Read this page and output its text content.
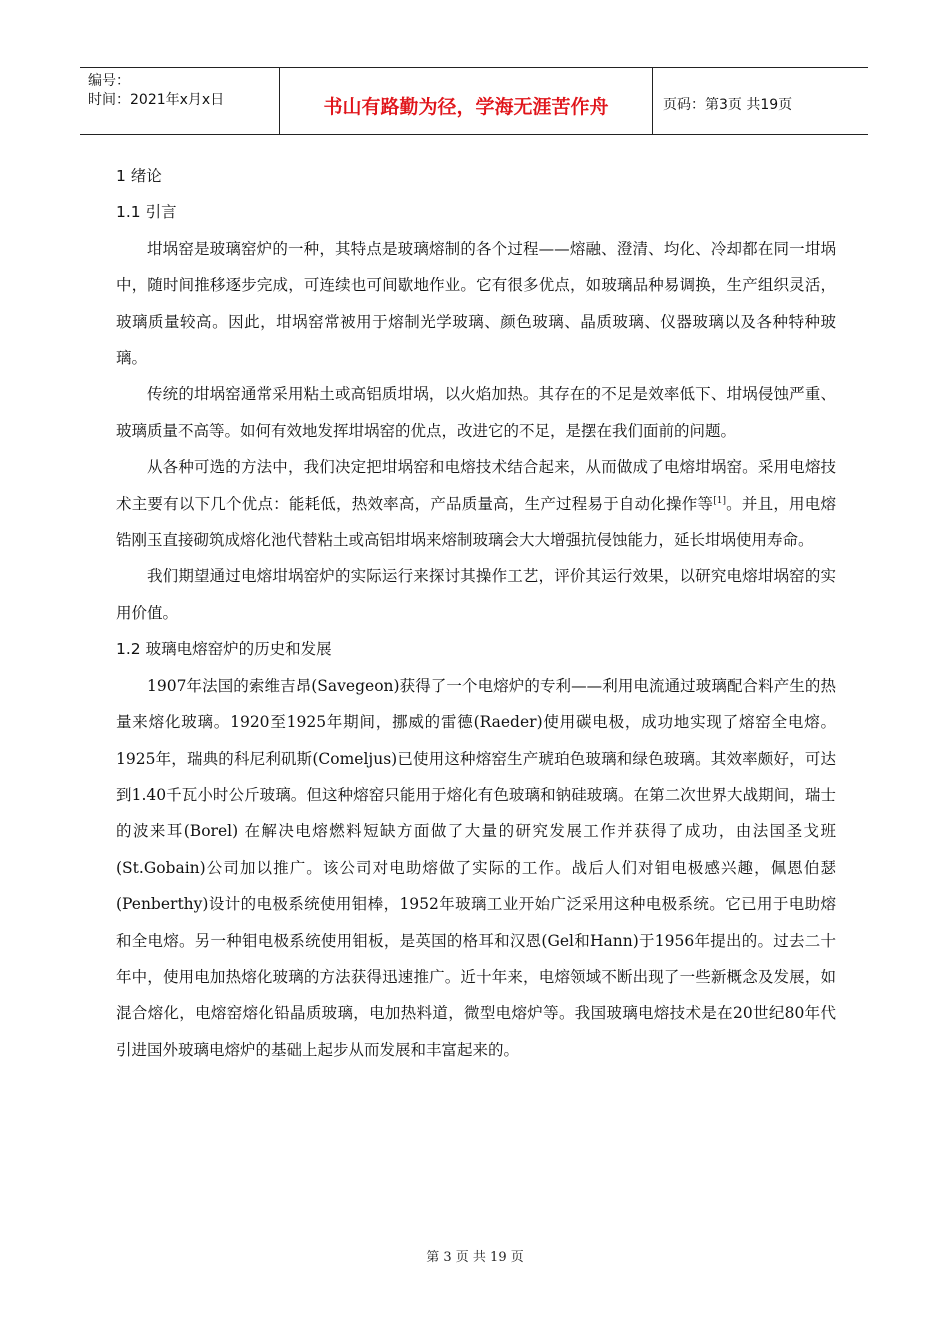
编号：
时间：2021年x月x日	书山有路勤为径，学海无涯苦作舟	页码：第3页 共19页
1 绪论
1.1 引言

坩埚窑是玻璃窑炉的一种，其特点是玻璃熔制的各个过程——熔融、澄清、均化、冷却都在同一坩埚中，随时间推移逐步完成，可连续也可间歇地作业。它有很多优点，如玻璃品种易调换，生产组织灵活，玻璃质量较高。因此，坩埚窑常被用于熔制光学玻璃、颜色玻璃、晶质玻璃、仪器玻璃以及各种特种玻璃。

传统的坩埚窑通常采用粘土或高铝质坩埚，以火焰加热。其存在的不足是效率低下、坩埚侵蚀严重、玻璃质量不高等。如何有效地发挥坩埚窑的优点，改进它的不足，是摆在我们面前的问题。

从各种可选的方法中，我们决定把坩埚窑和电熔技术结合起来，从而做成了电熔坩埚窑。采用电熔技术主要有以下几个优点：能耗低，热效率高，产品质量高，生产过程易于自动化操作等[1]。并且，用电熔锆刚玉直接砌筑成熔化池代替粘土或高铝坩埚来熔制玻璃会大大增强抗侵蚀能力，延长坩埚使用寿命。

我们期望通过电熔坩埚窑炉的实际运行来探讨其操作工艺，评价其运行效果，以研究电熔坩埚窑的实用价值。

1.2 玻璃电熔窑炉的历史和发展

1907年法国的索维吉昂(Savegeon)获得了一个电熔炉的专利——利用电流通过玻璃配合料产生的热量来熔化玻璃。1920至1925年期间，挪威的雷德(Raeder)使用碳电极，成功地实现了熔窑全电熔。1925年，瑞典的科尼利矶斯(Comeljus)已使用这种熔窑生产琥珀色玻璃和绿色玻璃。其效率颇好，可达到1.40千瓦小时公斤玻璃。但这种熔窑只能用于熔化有色玻璃和钠硅玻璃。在第二次世界大战期间，瑞士的波来耳(Borel) 在解决电熔燃料短缺方面做了大量的研究发展工作并获得了成功，由法国圣戈班(St.Gobain)公司加以推广。该公司对电助熔做了实际的工作。战后人们对钼电极感兴趣，佩恩伯瑟(Penberthy)设计的电极系统使用钼棒，1952年玻璃工业开始广泛采用这种电极系统。它已用于电助熔和全电熔。另一种钼电极系统使用钼板，是英国的格耳和汉恩(Gel和Hann)于1956年提出的。过去二十年中，使用电加热熔化玻璃的方法获得迅速推广。近十年来，电熔领域不断出现了一些新概念及发展，如混合熔化，电熔窑熔化铅晶质玻璃，电加热料道，微型电熔炉等。我国玻璃电熔技术是在20世纪80年代引进国外玻璃电熔炉的基础上起步从而发展和丰富起来的。

第 3 页 共 19 页
